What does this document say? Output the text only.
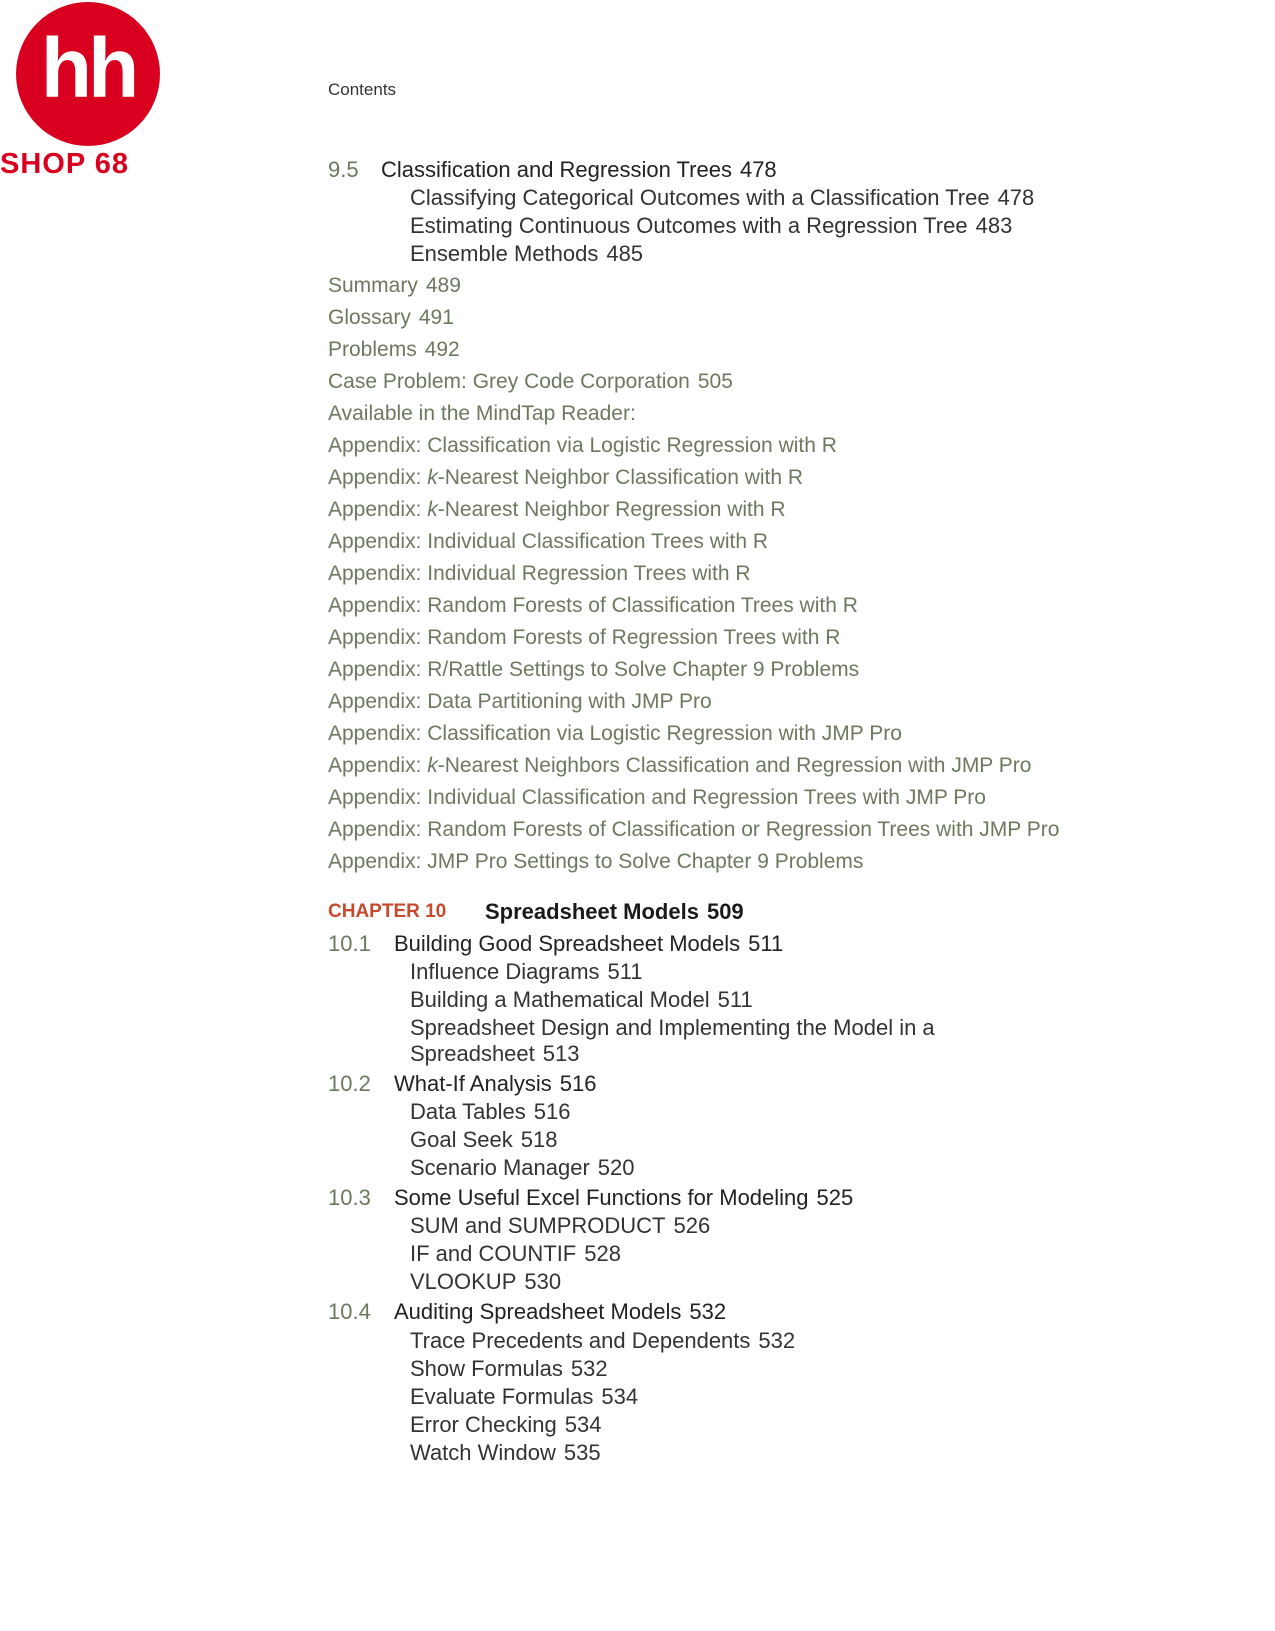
hh
SHOP 68
Contents
9.5 Classification and Regression Trees 478
Classifying Categorical Outcomes with a Classification Tree 478
Estimating Continuous Outcomes with a Regression Tree 483
Ensemble Methods 485
Summary 489
Glossary 491
Problems 492
Case Problem: Grey Code Corporation 505
Available in the MindTap Reader:
Appendix: Classification via Logistic Regression with R
Appendix: k-Nearest Neighbor Classification with R
Appendix: k-Nearest Neighbor Regression with R
Appendix: Individual Classification Trees with R
Appendix: Individual Regression Trees with R
Appendix: Random Forests of Classification Trees with R
Appendix: Random Forests of Regression Trees with R
Appendix: R/Rattle Settings to Solve Chapter 9 Problems
Appendix: Data Partitioning with JMP Pro
Appendix: Classification via Logistic Regression with JMP Pro
Appendix: k-Nearest Neighbors Classification and Regression with JMP Pro
Appendix: Individual Classification and Regression Trees with JMP Pro
Appendix: Random Forests of Classification or Regression Trees with JMP Pro
Appendix: JMP Pro Settings to Solve Chapter 9 Problems
CHAPTER 10 Spreadsheet Models 509
10.1 Building Good Spreadsheet Models 511
Influence Diagrams 511
Building a Mathematical Model 511
Spreadsheet Design and Implementing the Model in a
Spreadsheet 513
10.2 What-If Analysis 516
Data Tables 516
Goal Seek 518
Scenario Manager 520
10.3 Some Useful Excel Functions for Modeling 525
SUM and SUMPRODUCT 526
IF and COUNTIF 528
VLOOKUP 530
10.4 Auditing Spreadsheet Models 532
Trace Precedents and Dependents 532
Show Formulas 532
Evaluate Formulas 534
Error Checking 534
Watch Window 535
